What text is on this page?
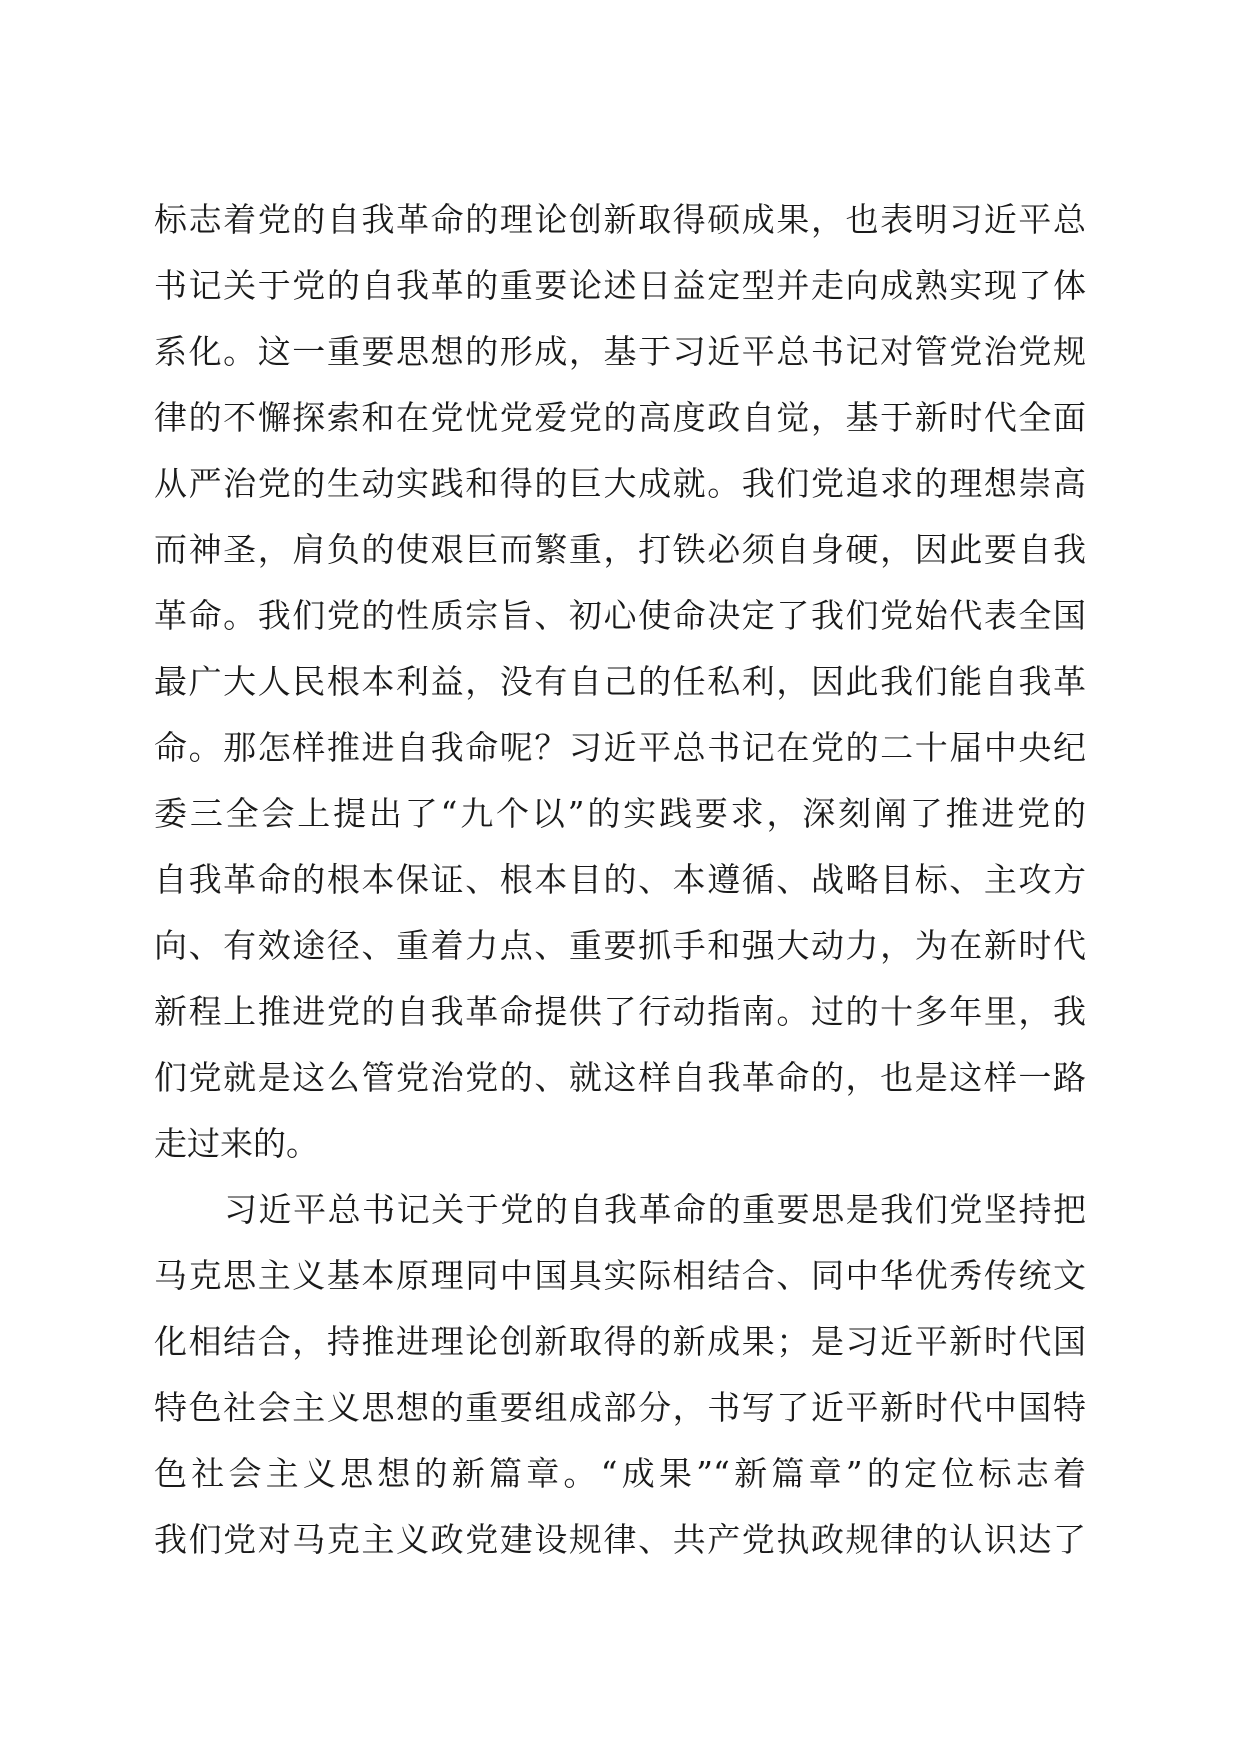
标志着党的自我革命的理论创新取得硕成果，也表明习近平总
书记关于党的自我革的重要论述日益定型并走向成熟实现了体
系化。这一重要思想的形成，基于习近平总书记对管党治党规
律的不懈探索和在党忧党爱党的高度政自觉，基于新时代全面
从严治党的生动实践和得的巨大成就。我们党追求的理想崇高
而神圣，肩负的使艰巨而繁重，打铁必须自身硬，因此要自我
革命。我们党的性质宗旨、初心使命决定了我们党始代表全国
最广大人民根本利益，没有自己的任私利，因此我们能自我革
命。那怎样推进自我命呢？习近平总书记在党的二十届中央纪
委三全会上提出了“九个以”的实践要求，深刻阐了推进党的
自我革命的根本保证、根本目的、本遵循、战略目标、主攻方
向、有效途径、重着力点、重要抓手和强大动力，为在新时代
新程上推进党的自我革命提供了行动指南。过的十多年里，我
们党就是这么管党治党的、就这样自我革命的，也是这样一路
走过来的。
习近平总书记关于党的自我革命的重要思是我们党坚持把
马克思主义基本原理同中国具实际相结合、同中华优秀传统文
化相结合，持推进理论创新取得的新成果；是习近平新时代国
特色社会主义思想的重要组成部分，书写了近平新时代中国特
色社会主义思想的新篇章。“成果”“新篇章”的定位标志着
我们党对马克主义政党建设规律、共产党执政规律的认识达了
